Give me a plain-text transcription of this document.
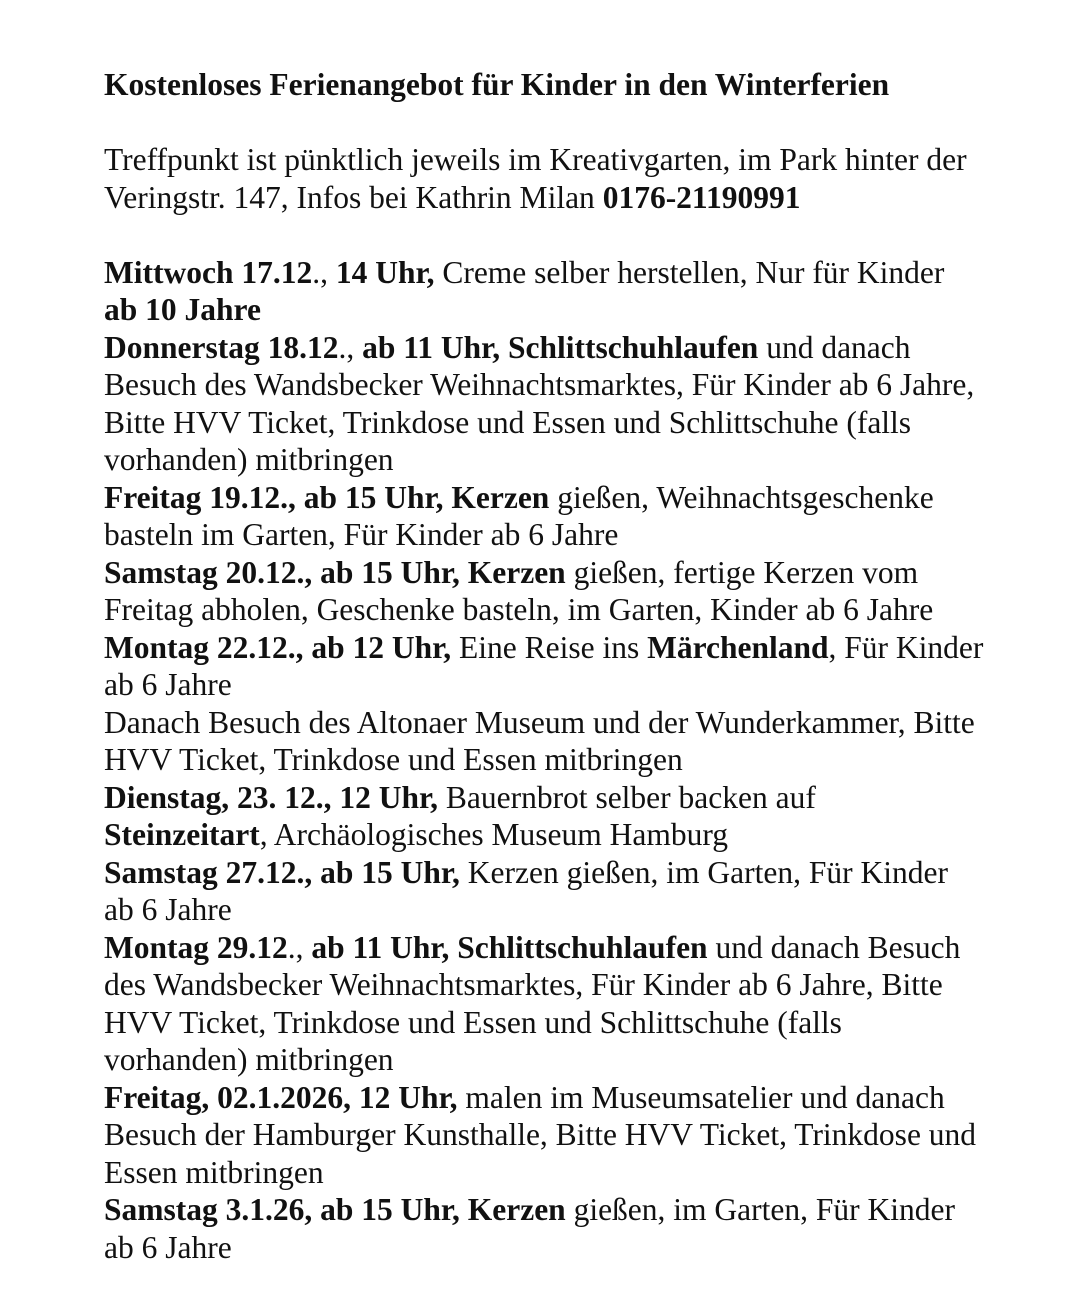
Kostenloses Ferienangebot für Kinder in den Winterferien

Treffpunkt ist pünktlich jeweils im Kreativgarten, im Park hinter der Veringstr. 147, Infos bei Kathrin Milan 0176-21190991

Mittwoch 17.12., 14 Uhr, Creme selber herstellen, Nur für Kinder ab 10 Jahre

Donnerstag 18.12., ab 11 Uhr, Schlittschuhlaufen und danach Besuch des Wandsbecker Weihnachtsmarktes, Für Kinder ab 6 Jahre, Bitte HVV Ticket, Trinkdose und Essen und Schlittschuhe (falls vorhanden) mitbringen

Freitag 19.12., ab 15 Uhr, Kerzen gießen, Weihnachtsgeschenke basteln im Garten, Für Kinder ab 6 Jahre

Samstag 20.12., ab 15 Uhr, Kerzen gießen, fertige Kerzen vom Freitag abholen, Geschenke basteln, im Garten, Kinder ab 6 Jahre

Montag 22.12., ab 12 Uhr, Eine Reise ins Märchenland, Für Kinder ab 6 Jahre

Danach Besuch des Altonaer Museum und der Wunderkammer, Bitte HVV Ticket, Trinkdose und Essen mitbringen

Dienstag, 23. 12., 12 Uhr, Bauernbrot selber backen auf Steinzeitart, Archäologisches Museum Hamburg

Samstag 27.12., ab 15 Uhr, Kerzen gießen, im Garten, Für Kinder ab 6 Jahre

Montag 29.12., ab 11 Uhr, Schlittschuhlaufen und danach Besuch des Wandsbecker Weihnachtsmarktes, Für Kinder ab 6 Jahre, Bitte HVV Ticket, Trinkdose und Essen und Schlittschuhe (falls vorhanden) mitbringen

Freitag, 02.1.2026, 12 Uhr, malen im Museumsatelier und danach Besuch der Hamburger Kunsthalle, Bitte HVV Ticket, Trinkdose und Essen mitbringen

Samstag 3.1.26, ab 15 Uhr, Kerzen gießen, im Garten, Für Kinder ab 6 Jahre
